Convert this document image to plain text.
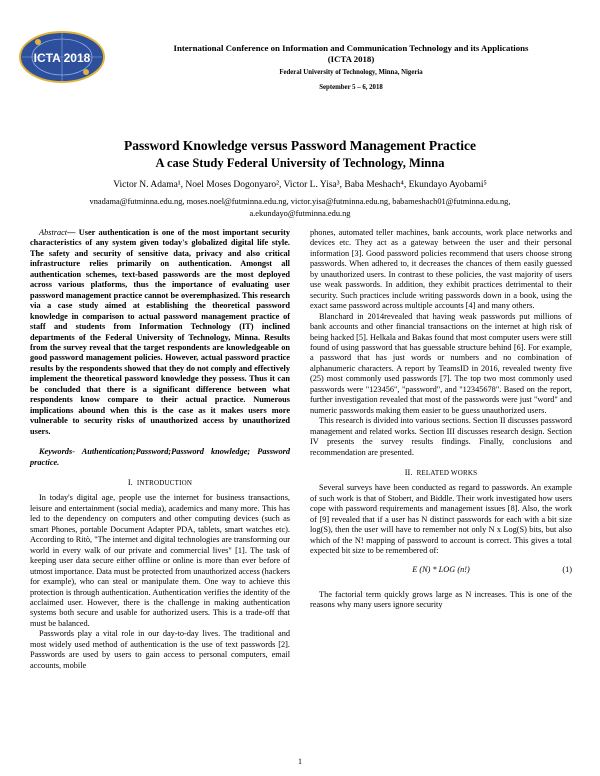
ICTA 2018
International Conference on Information and Communication Technology and its Applications
(ICTA 2018)
Federal University of Technology, Minna, Nigeria
September 5 – 6, 2018
Password Knowledge versus Password Management Practice
A case Study Federal University of Technology, Minna
Victor N. Adama¹, Noel Moses Dogonyaro², Victor L. Yisa³, Baba Meshach⁴, Ekundayo Ayobami⁵
vnadama@futminna.edu.ng, moses.noel@futminna.edu.ng, victor.yisa@futminna.edu.ng, babameshach01@futminna.edu.ng,
a.ekundayo@futminna.edu.ng

Abstract— User authentication is one of the most important security characteristics of any system given today's globalized digital life style. The safety and security of sensitive data, privacy and also critical infrastructure relies primarily on authentication. Amongst all authentication schemes, text-based passwords are the most deployed across various platforms, thus the importance of evaluating user password management practice cannot be overemphasized. This research via a case study aimed at establishing the theoretical password knowledge in comparison to actual password management practice of staff and students from Information Technology (IT) inclined departments of the Federal University of Technology, Minna. Results from the survey reveal that the target respondents are knowledgeable on good password management policies. However, actual password practice results by the respondents showed that they do not comply and effectively implement the theoretical password knowledge they possess. Thus it can be concluded that there is a significant difference between what respondents know compare to their actual practice. Numerous implications abound when this is the case as it makes users more vulnerable to security risks of unauthorized access by unauthorized users.

Keywords- Authentication;Password;Password knowledge; Password practice.

I. INTRODUCTION

In today's digital age, people use the internet for business transactions, leisure and entertainment (social media), academics and many more. This has led to the dependency on computers and other computing devices (such as smart Phones, portable Document Adapter PDA, tablets, smart watches etc). According to Ritò, "The internet and digital technologies are transforming our world in every walk of our private and commercial lives" [1]. The task of keeping user data secure either offline or online is more than ever before of utmost importance. Data must be protected from unauthorized access (hackers for example), who can steal or manipulate them. One way to achieve this protection is through authentication. Authentication verifies the identity of the acclaimed user. However, there is the challenge in making authentication systems both secure and usable for authorized users. This is a trade-off that must be balanced.

Passwords play a vital role in our day-to-day lives. The traditional and most widely used method of authentication is the use of text passwords [2]. Passwords are used by users to gain access to personal computers, email accounts, mobile

phones, automated teller machines, bank accounts, work place networks and devices etc. They act as a gateway between the user and their personal information [3]. Good password policies recommend that users choose strong passwords. When adhered to, it decreases the chances of them easily guessed by unauthorized users. In contrast to these policies, the vast majority of users use weak passwords. In addition, they exhibit practices detrimental to their security. Such practices include writing passwords down in a book, using the exact same password across multiple accounts [4] and many others.

Blanchard in 2014revealed that having weak passwords put millions of bank accounts and other financial transactions on the internet at high risk of being hacked [5]. Helkala and Bakas found that most computer users were still found of using password that has guessable structure behind [6]. For example, a password that has just words or numbers and no combination of alphanumeric characters. A report by TeamsID in 2016, revealed twenty five (25) most commonly used passwords [7]. The top two most commonly used passwords were "123456", "password", and "12345678". Based on the report, further investigation revealed that most of the passwords were just "word" and numeric passwords making them easier to be guess unauthorized users.

This research is divided into various sections. Section II discusses password management and related works. Section III discusses research design. Section IV presents the survey results findings. Finally, conclusions and recommendation are presented.

II. RELATED WORKS

Several surveys have been conducted as regard to passwords. An example of such work is that of Stobert, and Biddle. Their work investigated how users cope with password requirements and management issues [8]. Also, the work of [9] revealed that if a user has N distinct passwords for each with a bit size log(S), then the user will have to remember not only N x Log(S) bits, but also which of the N! mapping of password to account is correct. This gives a total expected bit size to be remembered of:

E (N) * LOG (n!)	(1)

The factorial term quickly grows large as N increases. This is one of the reasons why many users ignore security

1
